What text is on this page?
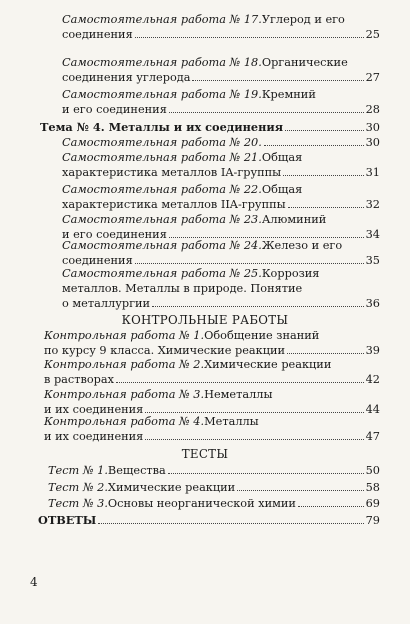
Самостоятельная работа № 17. Углерод и его
соединения	25
Самостоятельная работа № 18. Органические
соединения углерода	27
Самостоятельная работа № 19. Кремний
и его соединения	28
Тема № 4. Металлы и их соединения	30
Самостоятельная работа № 20.	30
Самостоятельная работа № 21. Общая
характеристика металлов IA-группы	31
Самостоятельная работа № 22. Общая
характеристика металлов IIA-группы	32
Самостоятельная работа № 23. Алюминий
и его соединения	34
Самостоятельная работа № 24. Железо и его
соединения	35
Самостоятельная работа № 25. Коррозия
металлов. Металлы в природе. Понятие
о металлургии	36
КОНТРОЛЬНЫЕ РАБОТЫ
Контрольная работа № 1. Обобщение знаний
по курсу 9 класса. Химические реакции	39
Контрольная работа № 2. Химические реакции
в растворах	42
Контрольная работа № 3. Неметаллы
и их соединения	44
Контрольная работа № 4. Металлы
и их соединения	47
ТЕСТЫ
Тест № 1. Вещества	50
Тест № 2. Химические реакции	58
Тест № 3. Основы неорганической химии	69
ОТВЕТЫ	79
4
